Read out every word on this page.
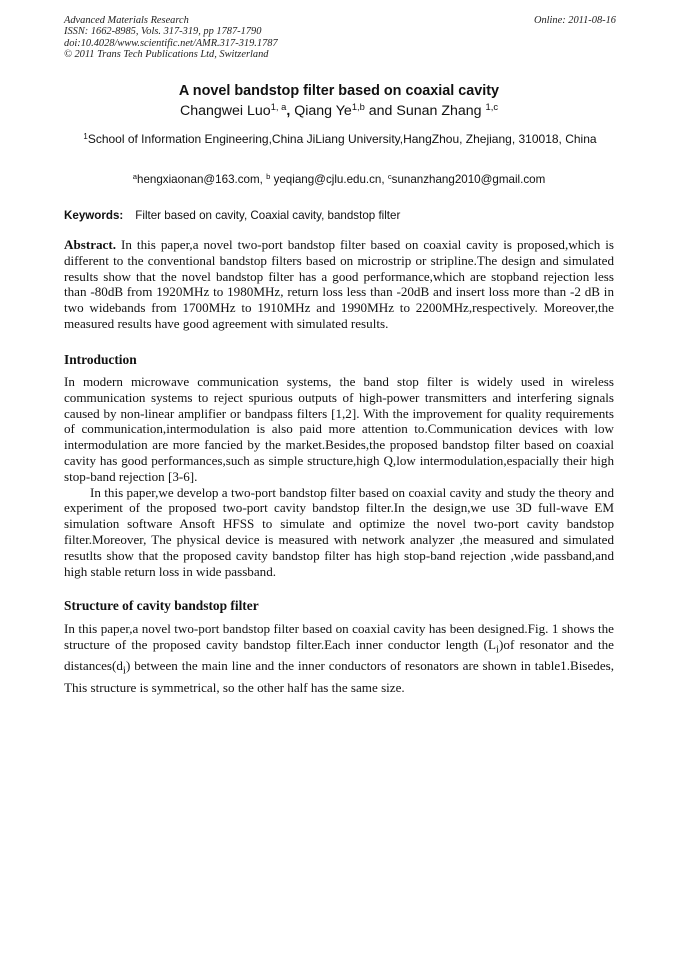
Advanced Materials Research
ISSN: 1662-8985, Vols. 317-319, pp 1787-1790
doi:10.4028/www.scientific.net/AMR.317-319.1787
© 2011 Trans Tech Publications Ltd, Switzerland
Online: 2011-08-16
A novel bandstop filter based on coaxial cavity
Changwei Luo$^{1, a}$, Qiang Ye$^{1,b}$ and Sunan Zhang $^{1,c}$
$^1$School of Information Engineering,China JiLiang University,HangZhou, Zhejiang, 310018, China
$^a$hengxiaonan@163.com, $^b$ yeqiang@cjlu.edu.cn, $^c$sunanzhang2010@gmail.com
Keywords: Filter based on cavity, Coaxial cavity, bandstop filter
Abstract. In this paper,a novel two-port bandstop filter based on coaxial cavity is proposed,which is different to the conventional bandstop filters based on microstrip or stripline.The design and simulated results show that the novel bandstop filter has a good performance,which are stopband rejection less than -80dB from 1920MHz to 1980MHz, return loss less than -20dB and insert loss more than -2 dB in two widebands from 1700MHz to 1910MHz and 1990MHz to 2200MHz,respectively. Moreover,the measured results have good agreement with simulated results.
Introduction
In modern microwave communication systems, the band stop filter is widely used in wireless communication systems to reject spurious outputs of high-power transmitters and interfering signals caused by non-linear amplifier or bandpass filters [1,2]. With the improvement for quality requirements of communication,intermodulation is also paid more attention to.Communication devices with low intermodulation are more fancied by the market.Besides,the proposed bandstop filter based on coaxial cavity has good performances,such as simple structure,high Q,low intermodulation,espacially their high stop-band rejection [3-6].
In this paper,we develop a two-port bandstop filter based on coaxial cavity and study the theory and experiment of the proposed two-port cavity bandstop filter.In the design,we use 3D full-wave EM simulation software Ansoft HFSS to simulate and optimize the novel two-port cavity bandstop filter.Moreover, The physical device is measured with network analyzer ,the measured and simulated resutlts show that the proposed cavity bandstop filter has high stop-band rejection ,wide passband,and high stable return loss in wide passband.
Structure of cavity bandstop filter
In this paper,a novel two-port bandstop filter based on coaxial cavity has been designed.Fig. 1 shows the structure of the proposed cavity bandstop filter.Each inner conductor length $(L_i)of$ resonator and the $distances(d_i)$ between the main line and the inner conductors of resonators are shown in table1.Bisedes, This structure is symmetrical, so the other half has the same size.
